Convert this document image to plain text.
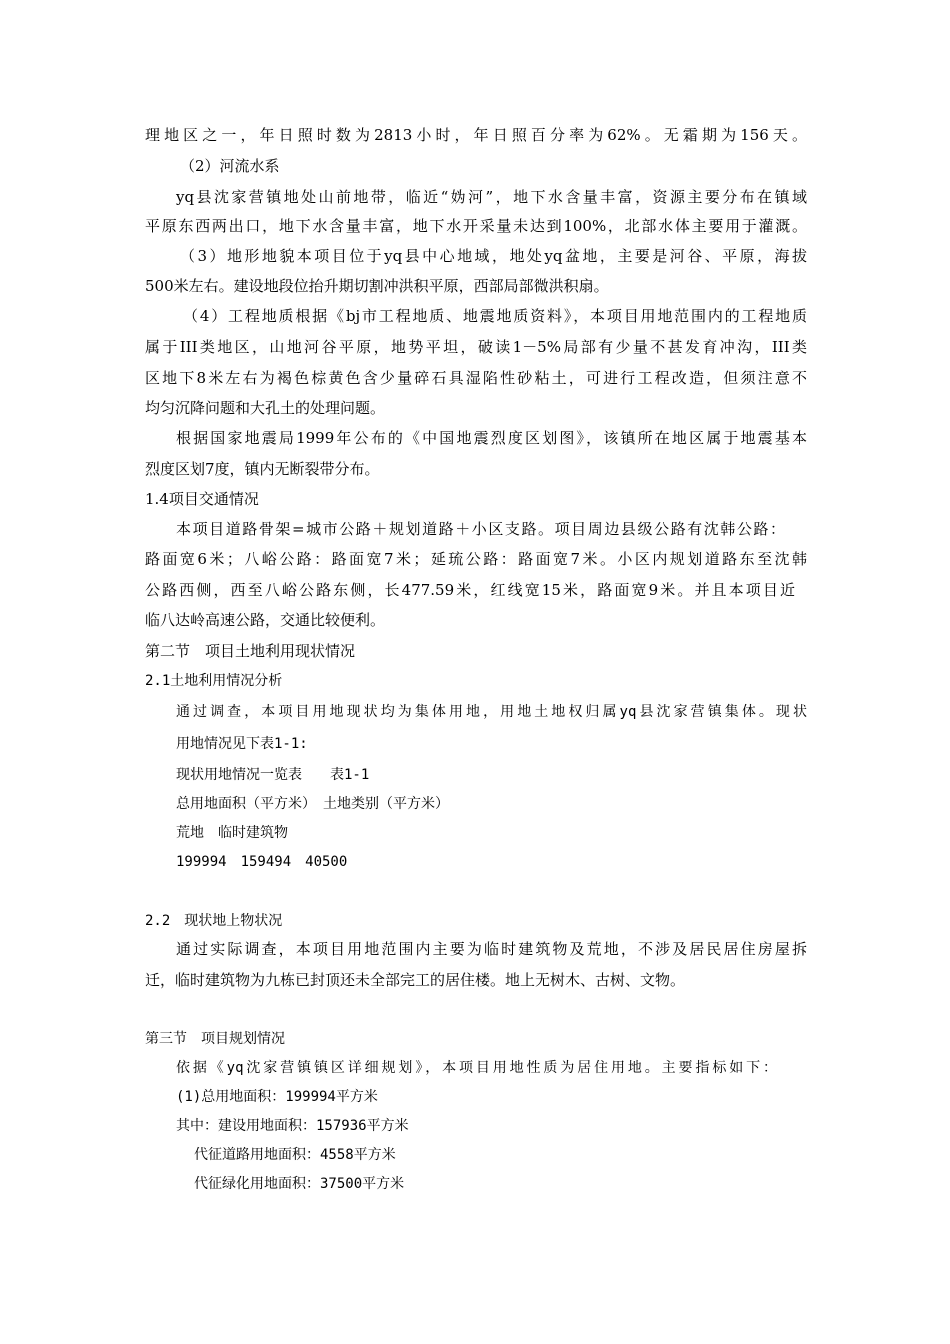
理地区之一，年日照时数为2813小时，年日照百分率为62%。无霜期为156天。
（2）河流水系
yq县沈家营镇地处山前地带，临近“妫河”，地下水含量丰富，资源主要分布在镇域
平原东西两出口，地下水含量丰富，地下水开采量未达到100%，北部水体主要用于灌溉。
（3）地形地貌本项目位于yq县中心地域，地处yq盆地，主要是河谷、平原，海拔
500米左右。建设地段位抬升期切割冲洪积平原，西部局部微洪积扇。
（4）工程地质根据《bj市工程地质、地震地质资料》，本项目用地范围内的工程地质
属于III类地区，山地河谷平原，地势平坦，破读1－5%局部有少量不甚发育冲沟，III类
区地下8米左右为褐色棕黄色含少量碎石具湿陷性砂粘土，可进行工程改造，但须注意不
均匀沉降问题和大孔土的处理问题。
根据国家地震局1999年公布的《中国地震烈度区划图》，该镇所在地区属于地震基本
烈度区划7度，镇内无断裂带分布。
1.4项目交通情况
本项目道路骨架=城市公路＋规划道路＋小区支路。项目周边县级公路有沈韩公路：
路面宽6米；八峪公路：路面宽7米；延琉公路：路面宽7米。小区内规划道路东至沈韩
公路西侧，西至八峪公路东侧，长477.59米，红线宽15米，路面宽9米。并且本项目近
临八达岭高速公路，交通比较便利。
第二节　项目土地利用现状情况
2.1土地利用情况分析
通过调查，本项目用地现状均为集体用地，用地土地权归属yq县沈家营镇集体。现状
用地情况见下表1-1:
现状用地情况一览表　　表1-1
总用地面积（平方米）　土地类别（平方米）
荒地　临时建筑物
199994　159494　40500
2.2　现状地上物状况
通过实际调查，本项目用地范围内主要为临时建筑物及荒地，不涉及居民居住房屋拆
迁，临时建筑物为九栋已封顶还未全部完工的居住楼。地上无树木、古树、文物。
第三节　项目规划情况
依据《yq沈家营镇镇区详细规划》，本项目用地性质为居住用地。主要指标如下：
(1)总用地面积：199994平方米
其中：建设用地面积：157936平方米
代征道路用地面积：4558平方米
代征绿化用地面积：37500平方米
